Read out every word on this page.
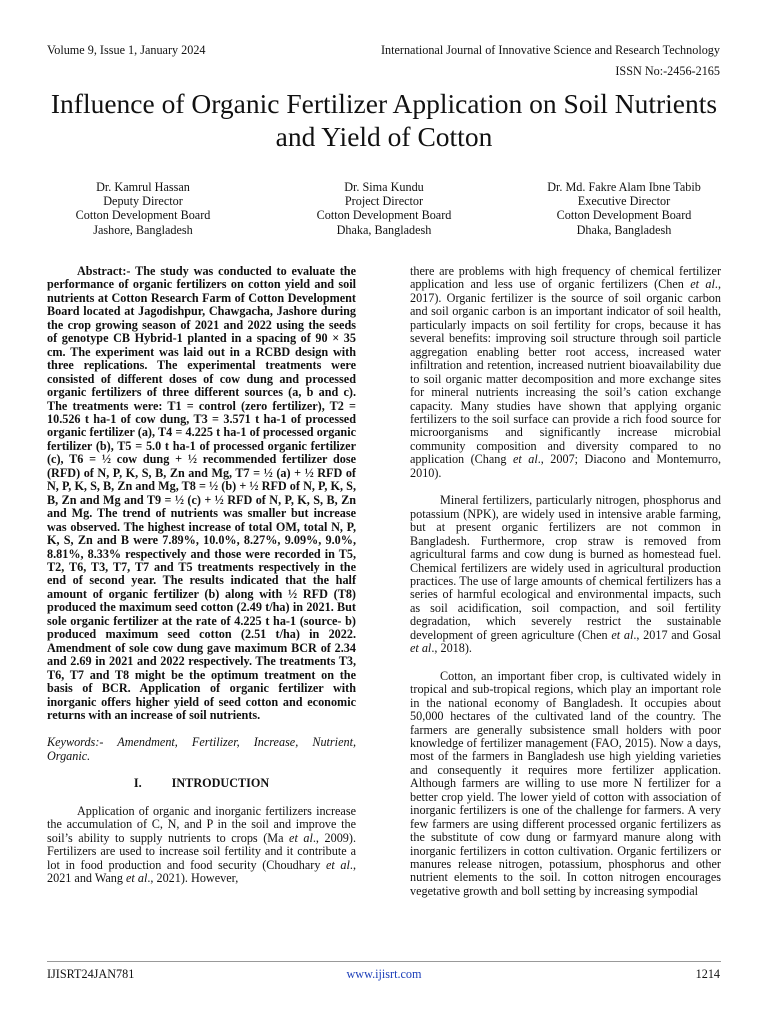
Volume 9, Issue 1, January 2024	International Journal of Innovative Science and Research Technology
ISSN No:-2456-2165
Influence of Organic Fertilizer Application on Soil Nutrients and Yield of Cotton
Dr. Kamrul Hassan
Deputy Director
Cotton Development Board
Jashore, Bangladesh
Dr. Sima Kundu
Project Director
Cotton Development Board
Dhaka, Bangladesh
Dr. Md. Fakre Alam Ibne Tabib
Executive Director
Cotton Development Board
Dhaka, Bangladesh

Abstract:- The study was conducted to evaluate the performance of organic fertilizers on cotton yield and soil nutrients at Cotton Research Farm of Cotton Development Board located at Jagodishpur, Chawgacha, Jashore during the crop growing season of 2021 and 2022 using the seeds of genotype CB Hybrid-1 planted in a spacing of 90 × 35 cm. The experiment was laid out in a RCBD design with three replications. The experimental treatments were consisted of different doses of cow dung and processed organic fertilizers of three different sources (a, b and c). The treatments were: T1 = control (zero fertilizer), T2 = 10.526 t ha-1 of cow dung, T3 = 3.571 t ha-1 of processed organic fertilizer (a), T4 = 4.225 t ha-1 of processed organic fertilizer (b), T5 = 5.0 t ha-1 of processed organic fertilizer (c), T6 = ½ cow dung + ½ recommended fertilizer dose (RFD) of N, P, K, S, B, Zn and Mg, T7 = ½ (a) + ½ RFD of N, P, K, S, B, Zn and Mg, T8 = ½ (b) + ½ RFD of N, P, K, S, B, Zn and Mg and T9 = ½ (c) + ½ RFD of N, P, K, S, B, Zn and Mg. The trend of nutrients was smaller but increase was observed. The highest increase of total OM, total N, P, K, S, Zn and B were 7.89%, 10.0%, 8.27%, 9.09%, 9.0%, 8.81%, 8.33% respectively and those were recorded in T5, T2, T6, T3, T7, T7 and T5 treatments respectively in the end of second year. The results indicated that the half amount of organic fertilizer (b) along with ½ RFD (T8) produced the maximum seed cotton (2.49 t/ha) in 2021. But sole organic fertilizer at the rate of 4.225 t ha-1 (source- b) produced maximum seed cotton (2.51 t/ha) in 2022. Amendment of sole cow dung gave maximum BCR of 2.34 and 2.69 in 2021 and 2022 respectively. The treatments T3, T6, T7 and T8 might be the optimum treatment on the basis of BCR. Application of organic fertilizer with inorganic offers higher yield of seed cotton and economic returns with an increase of soil nutrients.

Keywords:- Amendment, Fertilizer, Increase, Nutrient, Organic.

I. INTRODUCTION

Application of organic and inorganic fertilizers increase the accumulation of C, N, and P in the soil and improve the soil’s ability to supply nutrients to crops (Ma et al., 2009). Fertilizers are used to increase soil fertility and it contribute a lot in food production and food security (Choudhary et al., 2021 and Wang et al., 2021). However,

there are problems with high frequency of chemical fertilizer application and less use of organic fertilizers (Chen et al., 2017). Organic fertilizer is the source of soil organic carbon and soil organic carbon is an important indicator of soil health, particularly impacts on soil fertility for crops, because it has several benefits: improving soil structure through soil particle aggregation enabling better root access, increased water infiltration and retention, increased nutrient bioavailability due to soil organic matter decomposition and more exchange sites for mineral nutrients increasing the soil’s cation exchange capacity. Many studies have shown that applying organic fertilizers to the soil surface can provide a rich food source for microorganisms and significantly increase microbial community composition and diversity compared to no application (Chang et al., 2007; Diacono and Montemurro, 2010).

Mineral fertilizers, particularly nitrogen, phosphorus and potassium (NPK), are widely used in intensive arable farming, but at present organic fertilizers are not common in Bangladesh. Furthermore, crop straw is removed from agricultural farms and cow dung is burned as homestead fuel. Chemical fertilizers are widely used in agricultural production practices. The use of large amounts of chemical fertilizers has a series of harmful ecological and environmental impacts, such as soil acidification, soil compaction, and soil fertility degradation, which severely restrict the sustainable development of green agriculture (Chen et al., 2017 and Gosal et al., 2018).

Cotton, an important fiber crop, is cultivated widely in tropical and sub-tropical regions, which play an important role in the national economy of Bangladesh. It occupies about 50,000 hectares of the cultivated land of the country. The farmers are generally subsistence small holders with poor knowledge of fertilizer management (FAO, 2015). Now a days, most of the farmers in Bangladesh use high yielding varieties and consequently it requires more fertilizer application. Although farmers are willing to use more N fertilizer for a better crop yield. The lower yield of cotton with association of inorganic fertilizers is one of the challenge for farmers. A very few farmers are using different processed organic fertilizers as the substitute of cow dung or farmyard manure along with inorganic fertilizers in cotton cultivation. Organic fertilizers or manures release nitrogen, potassium, phosphorus and other nutrient elements to the soil. In cotton nitrogen encourages vegetative growth and boll setting by increasing sympodial

IJISRT24JAN781	www.ijisrt.com	1214
